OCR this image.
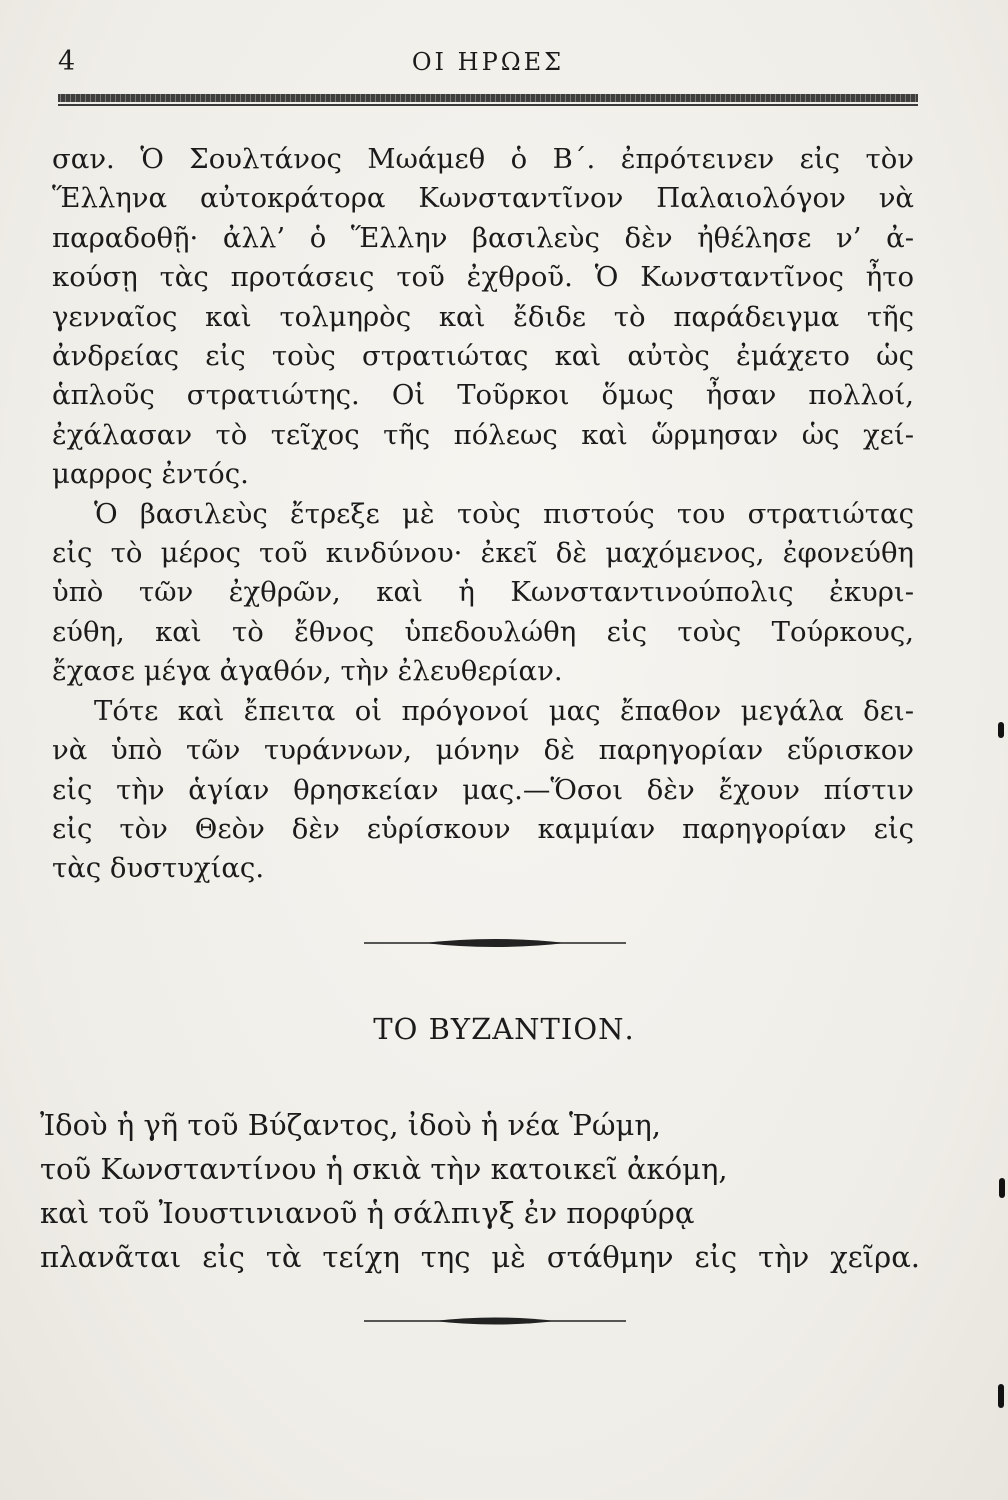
4	ΟΙ ΗΡΩΕΣ
σαν. Ὁ Σουλτάνος Μωάμεθ ὁ Β΄. ἐπρότεινεν εἰς τὸν
Ἕλληνα αὐτοκράτορα Κωνσταντῖνον Παλαιολόγον νὰ
παραδοθῇ· ἀλλ’ ὁ Ἕλλην βασιλεὺς δὲν ἠθέλησε ν’ ἀ-
κούσῃ τὰς προτάσεις τοῦ ἐχθροῦ. Ὁ Κωνσταντῖνος ἦτο
γενναῖος καὶ τολμηρὸς καὶ ἔδιδε τὸ παράδειγμα τῆς
ἀνδρείας εἰς τοὺς στρατιώτας καὶ αὐτὸς ἐμάχετο ὡς
ἁπλοῦς στρατιώτης. Οἱ Τοῦρκοι ὅμως ἦσαν πολλοί,
ἐχάλασαν τὸ τεῖχος τῆς πόλεως καὶ ὥρμησαν ὡς χεί-
μαρρος ἐντός.
Ὁ βασιλεὺς ἔτρεξε μὲ τοὺς πιστούς του στρατιώτας
εἰς τὸ μέρος τοῦ κινδύνου· ἐκεῖ δὲ μαχόμενος, ἐφονεύθη
ὑπὸ τῶν ἐχθρῶν, καὶ ἡ Κωνσταντινούπολις ἐκυρι-
εύθη, καὶ τὸ ἔθνος ὑπεδουλώθη εἰς τοὺς Τούρκους,
ἔχασε μέγα ἀγαθόν, τὴν ἐλευθερίαν.
Τότε καὶ ἔπειτα οἱ πρόγονοί μας ἔπαθον μεγάλα δει-
νὰ ὑπὸ τῶν τυράννων, μόνην δὲ παρηγορίαν εὕρισκον
εἰς τὴν ἁγίαν θρησκείαν μας.—Ὅσοι δὲν ἔχουν πίστιν
εἰς τὸν Θεὸν δὲν εὑρίσκουν καμμίαν παρηγορίαν εἰς
τὰς δυστυχίας.
ΤΟ ΒΥΖΑΝΤΙΟΝ.
Ἰδοὺ ἡ γῆ τοῦ Βύζαντος, ἰδοὺ ἡ νέα Ῥώμη,
τοῦ Κωνσταντίνου ἡ σκιὰ τὴν κατοικεῖ ἀκόμη,
καὶ τοῦ Ἰουστινιανοῦ ἡ σάλπιγξ ἐν πορφύρᾳ
πλανᾶται εἰς τὰ τείχη της μὲ στάθμην εἰς τὴν χεῖρα.
